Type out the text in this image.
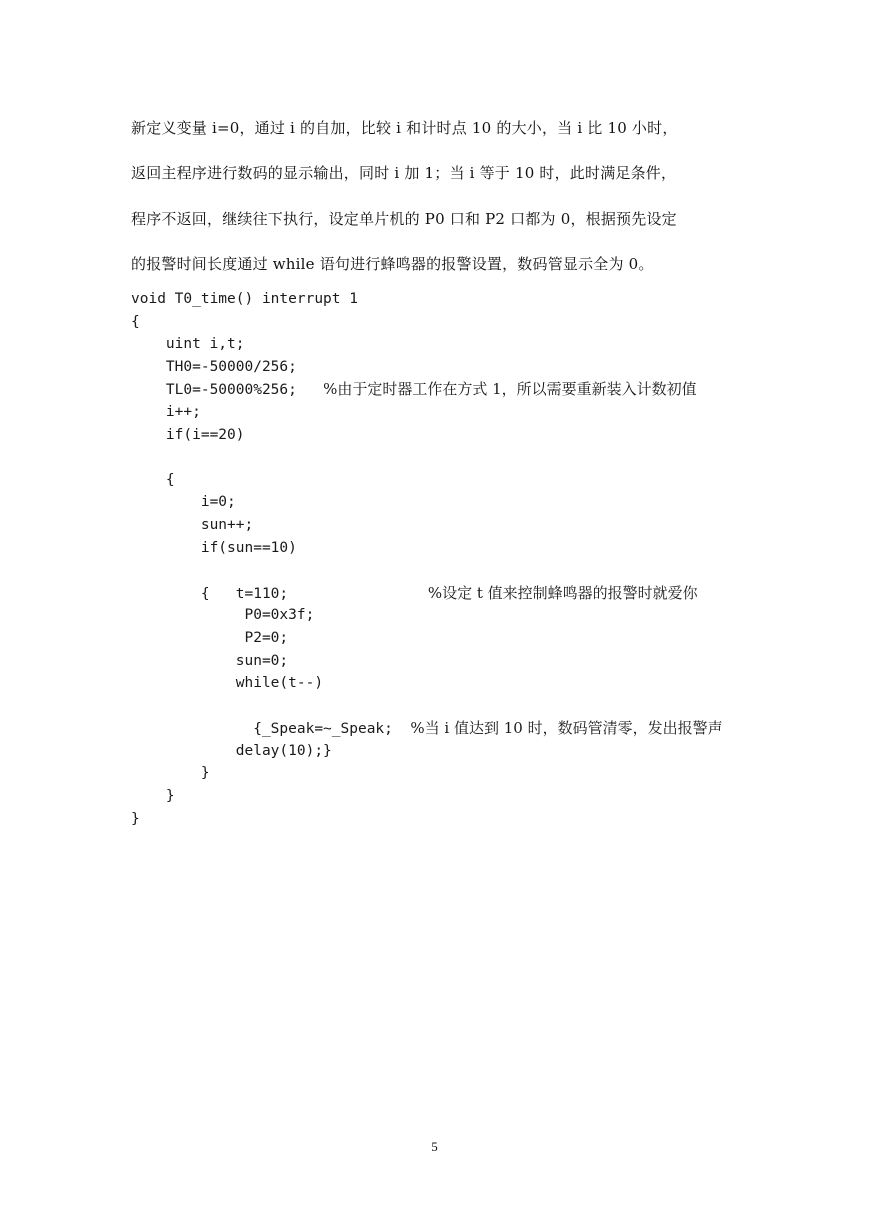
新定义变量 i=0，通过 i 的自加，比较 i 和计时点 10 的大小，当 i 比 10 小时，
返回主程序进行数码的显示输出，同时 i 加 1；当 i 等于 10 时，此时满足条件，
程序不返回，继续往下执行，设定单片机的 P0 口和 P2 口都为 0，根据预先设定
的报警时间长度通过 while 语句进行蜂鸣器的报警设置，数码管显示全为 0。
void T0_time() interrupt 1
{
uint i,t;
TH0=-50000/256;
TL0=-50000%256;   %由于定时器工作在方式 1，所以需要重新装入计数初值
i++;
if(i==20)
{
i=0;
sun++;
if(sun==10)
{   t=110;                %设定 t 值来控制蜂鸣器的报警时就爱你
P0=0x3f;
P2=0;
sun=0;
while(t--)
{_Speak=~_Speak;  %当 i 值达到 10 时，数码管清零，发出报警声
delay(10);}
}
}
}
5
